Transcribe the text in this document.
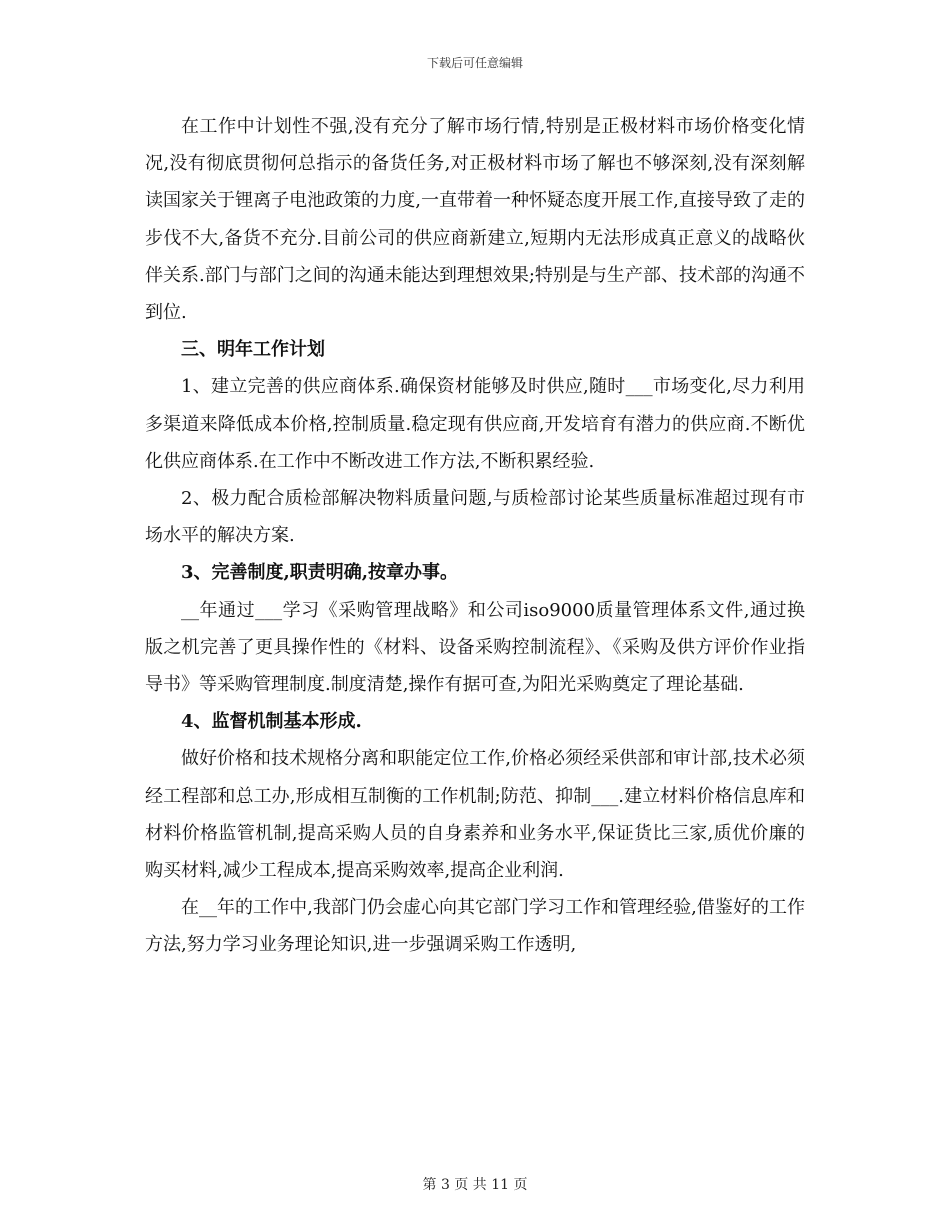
下载后可任意编辑

在工作中计划性不强,没有充分了解市场行情,特别是正极材料市场价格变化情况,没有彻底贯彻何总指示的备货任务,对正极材料市场了解也不够深刻,没有深刻解读国家关于锂离子电池政策的力度,一直带着一种怀疑态度开展工作,直接导致了走的步伐不大,备货不充分.目前公司的供应商新建立,短期内无法形成真正意义的战略伙伴关系.部门与部门之间的沟通未能达到理想效果;特别是与生产部、技术部的沟通不到位.

三、明年工作计划

1、建立完善的供应商体系.确保资材能够及时供应,随时___市场变化,尽力利用多渠道来降低成本价格,控制质量.稳定现有供应商,开发培育有潜力的供应商.不断优化供应商体系.在工作中不断改进工作方法,不断积累经验.

2、极力配合质检部解决物料质量问题,与质检部讨论某些质量标准超过现有市场水平的解决方案.

3、完善制度,职责明确,按章办事。

__年通过___学习《采购管理战略》和公司iso9000质量管理体系文件,通过换版之机完善了更具操作性的《材料、设备采购控制流程》、《采购及供方评价作业指导书》等采购管理制度.制度清楚,操作有据可查,为阳光采购奠定了理论基础.

4、监督机制基本形成.

做好价格和技术规格分离和职能定位工作,价格必须经采供部和审计部,技术必须经工程部和总工办,形成相互制衡的工作机制;防范、抑制___.建立材料价格信息库和材料价格监管机制,提高采购人员的自身素养和业务水平,保证货比三家,质优价廉的购买材料,减少工程成本,提高采购效率,提高企业利润.

在__年的工作中,我部门仍会虚心向其它部门学习工作和管理经验,借鉴好的工作方法,努力学习业务理论知识,进一步强调采购工作透明,

第 3 页 共 11 页
